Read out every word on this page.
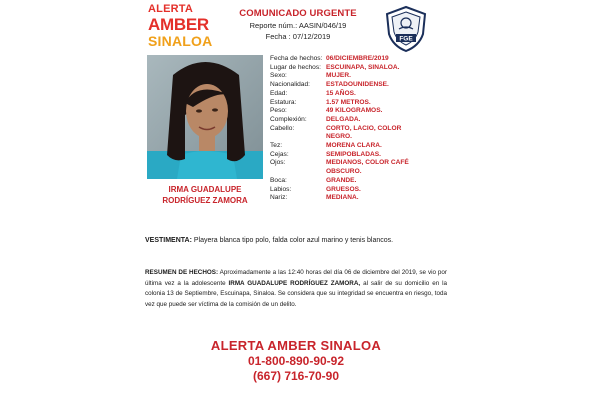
ALERTA
AMBER
SINALOA
COMUNICADO URGENTE
Reporte núm.: AASIN/046/19
Fecha : 07/12/2019	FGE
IRMA GUADALUPE
RODRÍGUEZ ZAMORA
Fecha de hechos: 06/DICIEMBRE/2019
Lugar de hechos: ESCUINAPA, SINALOA.
Sexo:	MUJER.
Nacionalidad:	ESTADOUNIDENSE.
Edad:	15 AÑOS.
Estatura:	1.57 METROS.
Peso:	49 KILOGRAMOS.
Complexión:	DELGADA.
Cabello:	CORTO, LACIO, COLOR
NEGRO.
Tez:	MORENA CLARA.
Cejas:	SEMIPOBLADAS.
Ojos:	MEDIANOS, COLOR CAFÉ
OBSCURO.
Boca:	GRANDE.
Labios:	GRUESOS.
Nariz:	MEDIANA.
VESTIMENTA: Playera blanca tipo polo, falda color azul marino y tenis blancos.
RESUMEN DE HECHOS: Aproximadamente a las 12:40 horas del día 06 de diciembre del 2019, se vio por última vez a la adolescente IRMA GUADALUPE RODRÍGUEZ ZAMORA, al salir de su domicilio en la colonia 13 de Septiembre, Escuinapa, Sinaloa. Se considera que su integridad se encuentra en riesgo, toda vez que puede ser víctima de la comisión de un delito.
ALERTA AMBER SINALOA
01-800-890-90-92
(667) 716-70-90
